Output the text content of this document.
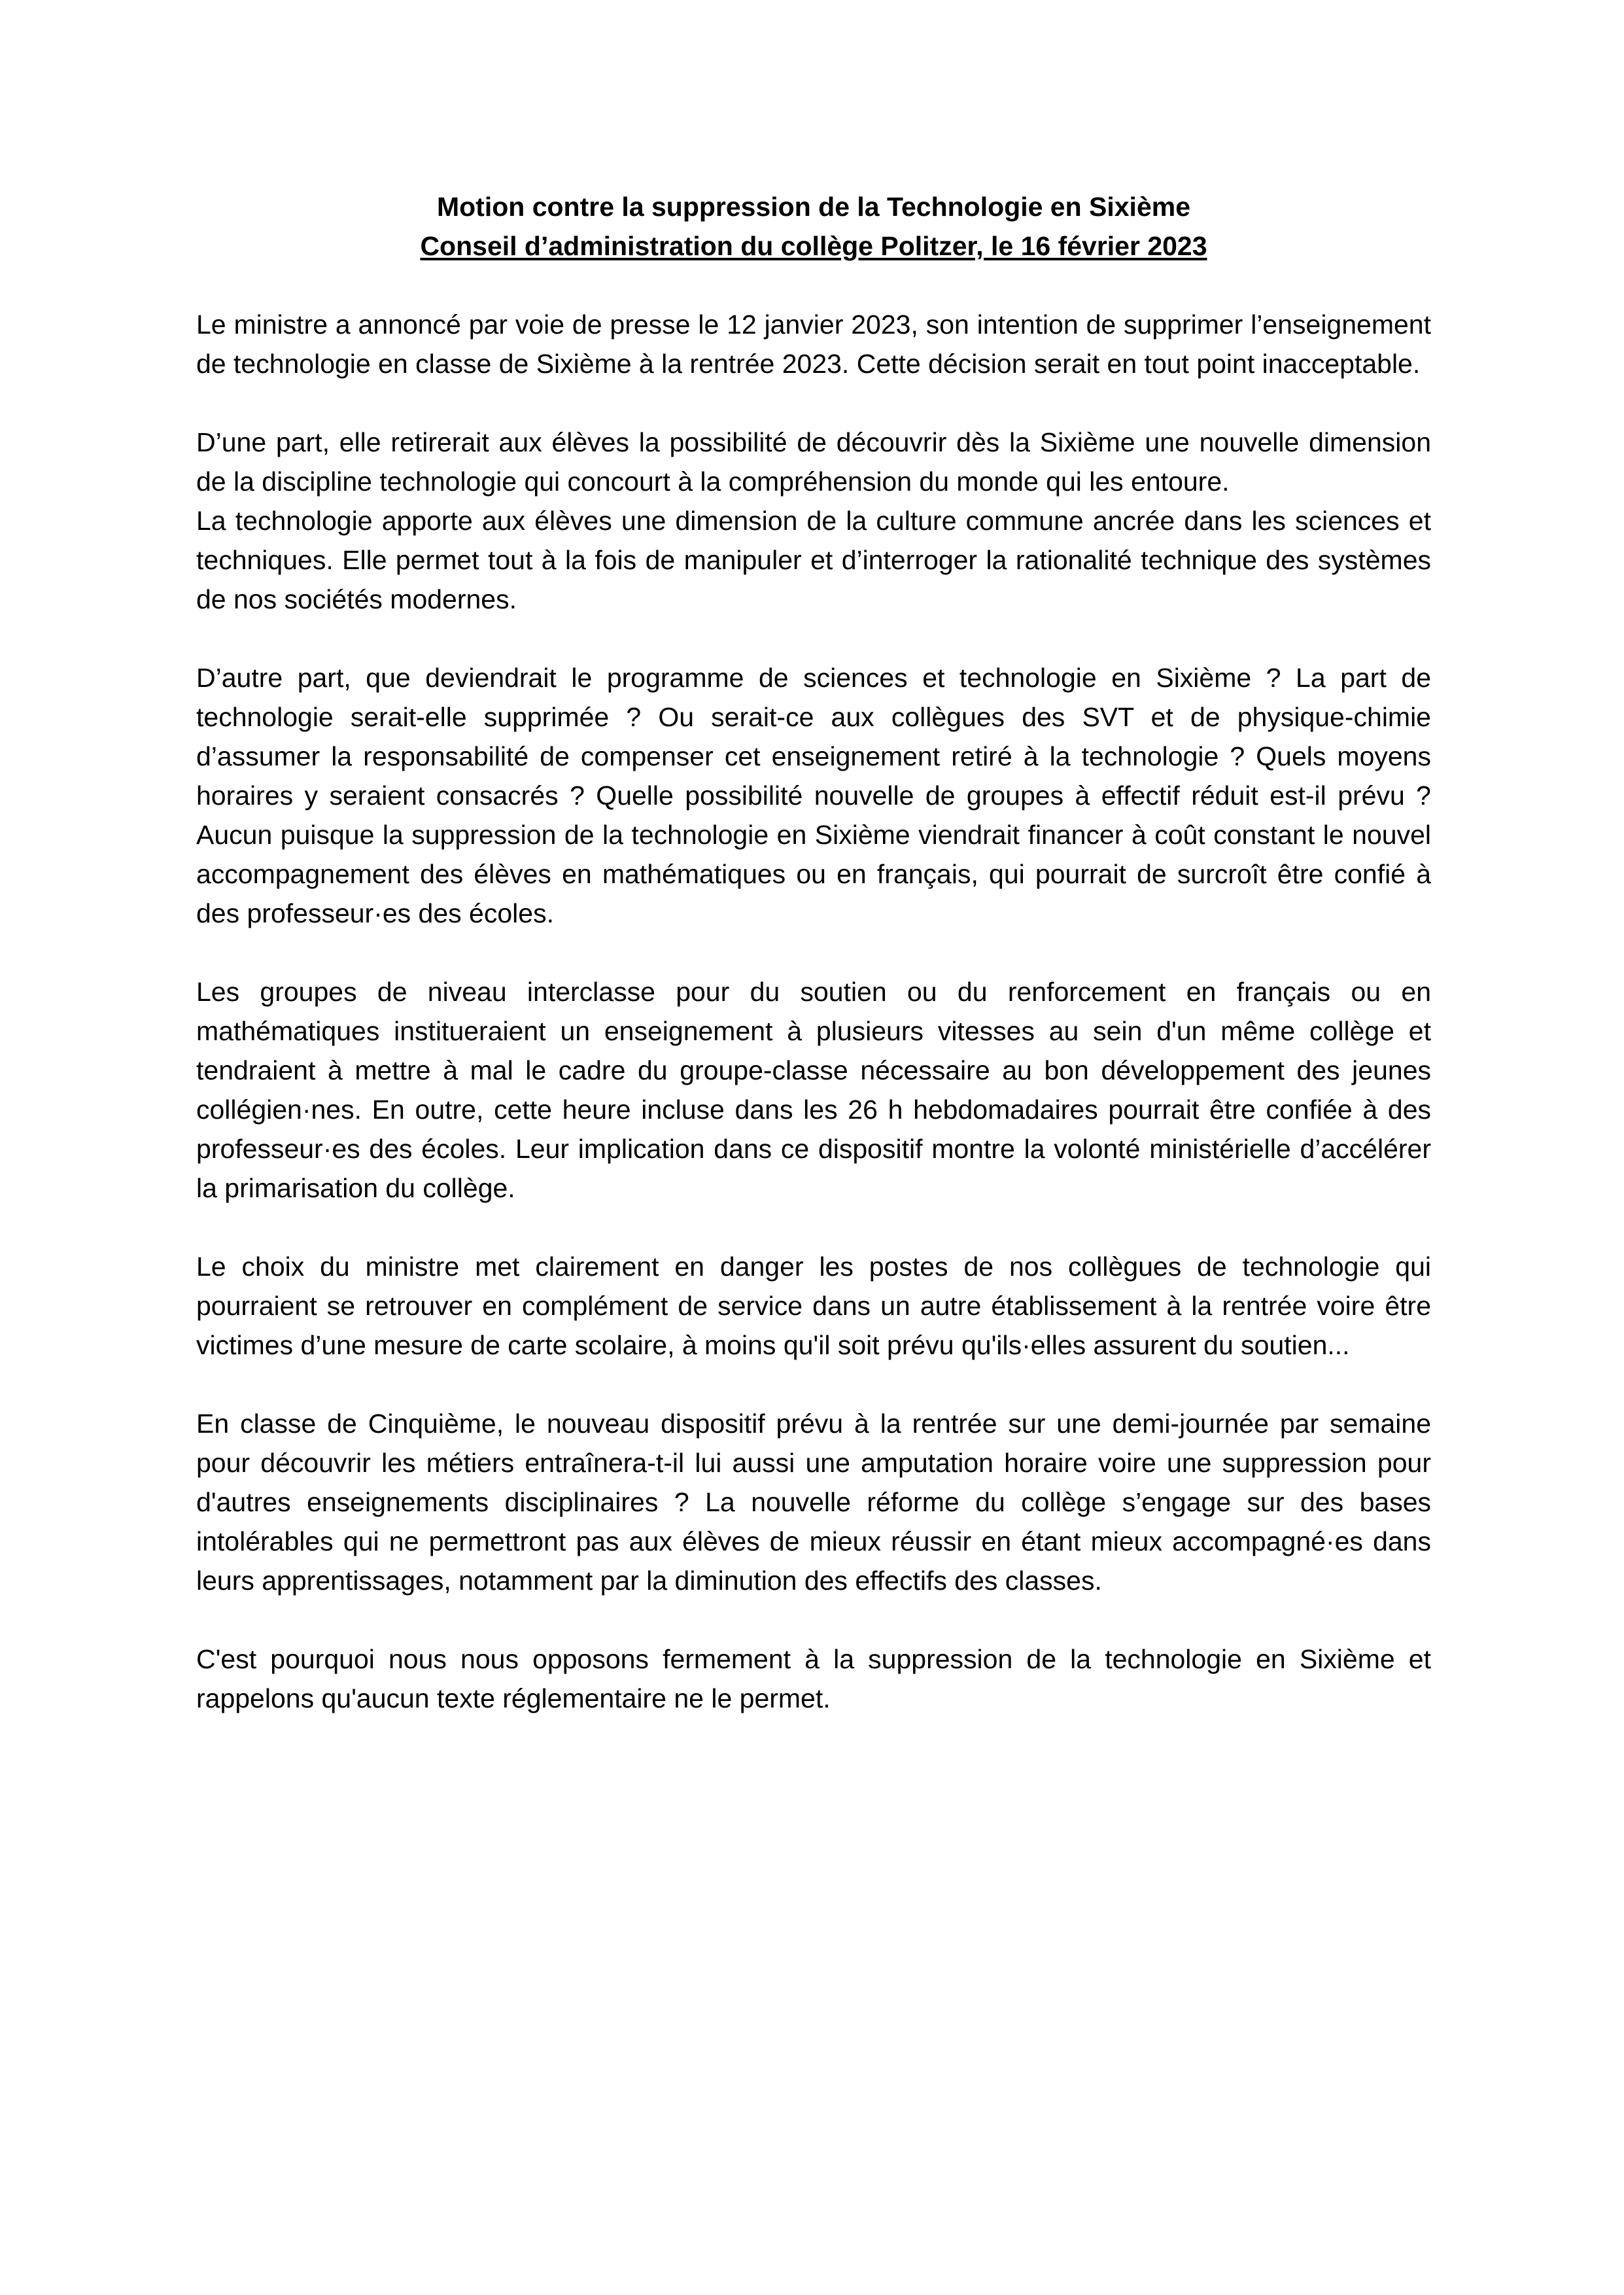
Motion contre la suppression de la Technologie en Sixième
Conseil d’administration du collège Politzer, le 16 février 2023

Le ministre a annoncé par voie de presse le 12 janvier 2023, son intention de supprimer l’enseignement de technologie en classe de Sixième à la rentrée 2023. Cette décision serait en tout point inacceptable.

D’une part, elle retirerait aux élèves la possibilité de découvrir dès la Sixième une nouvelle dimension de la discipline technologie qui concourt à la compréhension du monde qui les entoure.

La technologie apporte aux élèves une dimension de la culture commune ancrée dans les sciences et techniques. Elle permet tout à la fois de manipuler et d’interroger la rationalité technique des systèmes de nos sociétés modernes.

D’autre part, que deviendrait le programme de sciences et technologie en Sixième ? La part de technologie serait-elle supprimée ? Ou serait-ce aux collègues des SVT et de physique-chimie d’assumer la responsabilité de compenser cet enseignement retiré à la technologie ? Quels moyens horaires y seraient consacrés ? Quelle possibilité nouvelle de groupes à effectif réduit est-il prévu ? Aucun puisque la suppression de la technologie en Sixième viendrait financer à coût constant le nouvel accompagnement des élèves en mathématiques ou en français, qui pourrait de surcroît être confié à des professeur·es des écoles.

Les groupes de niveau interclasse pour du soutien ou du renforcement en français ou en mathématiques institueraient un enseignement à plusieurs vitesses au sein d'un même collège et tendraient à mettre à mal le cadre du groupe-classe nécessaire au bon développement des jeunes collégien·nes. En outre, cette heure incluse dans les 26 h hebdomadaires pourrait être confiée à des professeur·es des écoles. Leur implication dans ce dispositif montre la volonté ministérielle d’accélérer la primarisation du collège.

Le choix du ministre met clairement en danger les postes de nos collègues de technologie qui pourraient se retrouver en complément de service dans un autre établissement à la rentrée voire être victimes d’une mesure de carte scolaire, à moins qu'il soit prévu qu'ils·elles assurent du soutien...

En classe de Cinquième, le nouveau dispositif prévu à la rentrée sur une demi-journée par semaine pour découvrir les métiers entraînera-t-il lui aussi une amputation horaire voire une suppression pour d'autres enseignements disciplinaires ? La nouvelle réforme du collège s’engage sur des bases intolérables qui ne permettront pas aux élèves de mieux réussir en étant mieux accompagné·es dans leurs apprentissages, notamment par la diminution des effectifs des classes.

C'est pourquoi nous nous opposons fermement à la suppression de la technologie en Sixième et rappelons qu'aucun texte réglementaire ne le permet.
